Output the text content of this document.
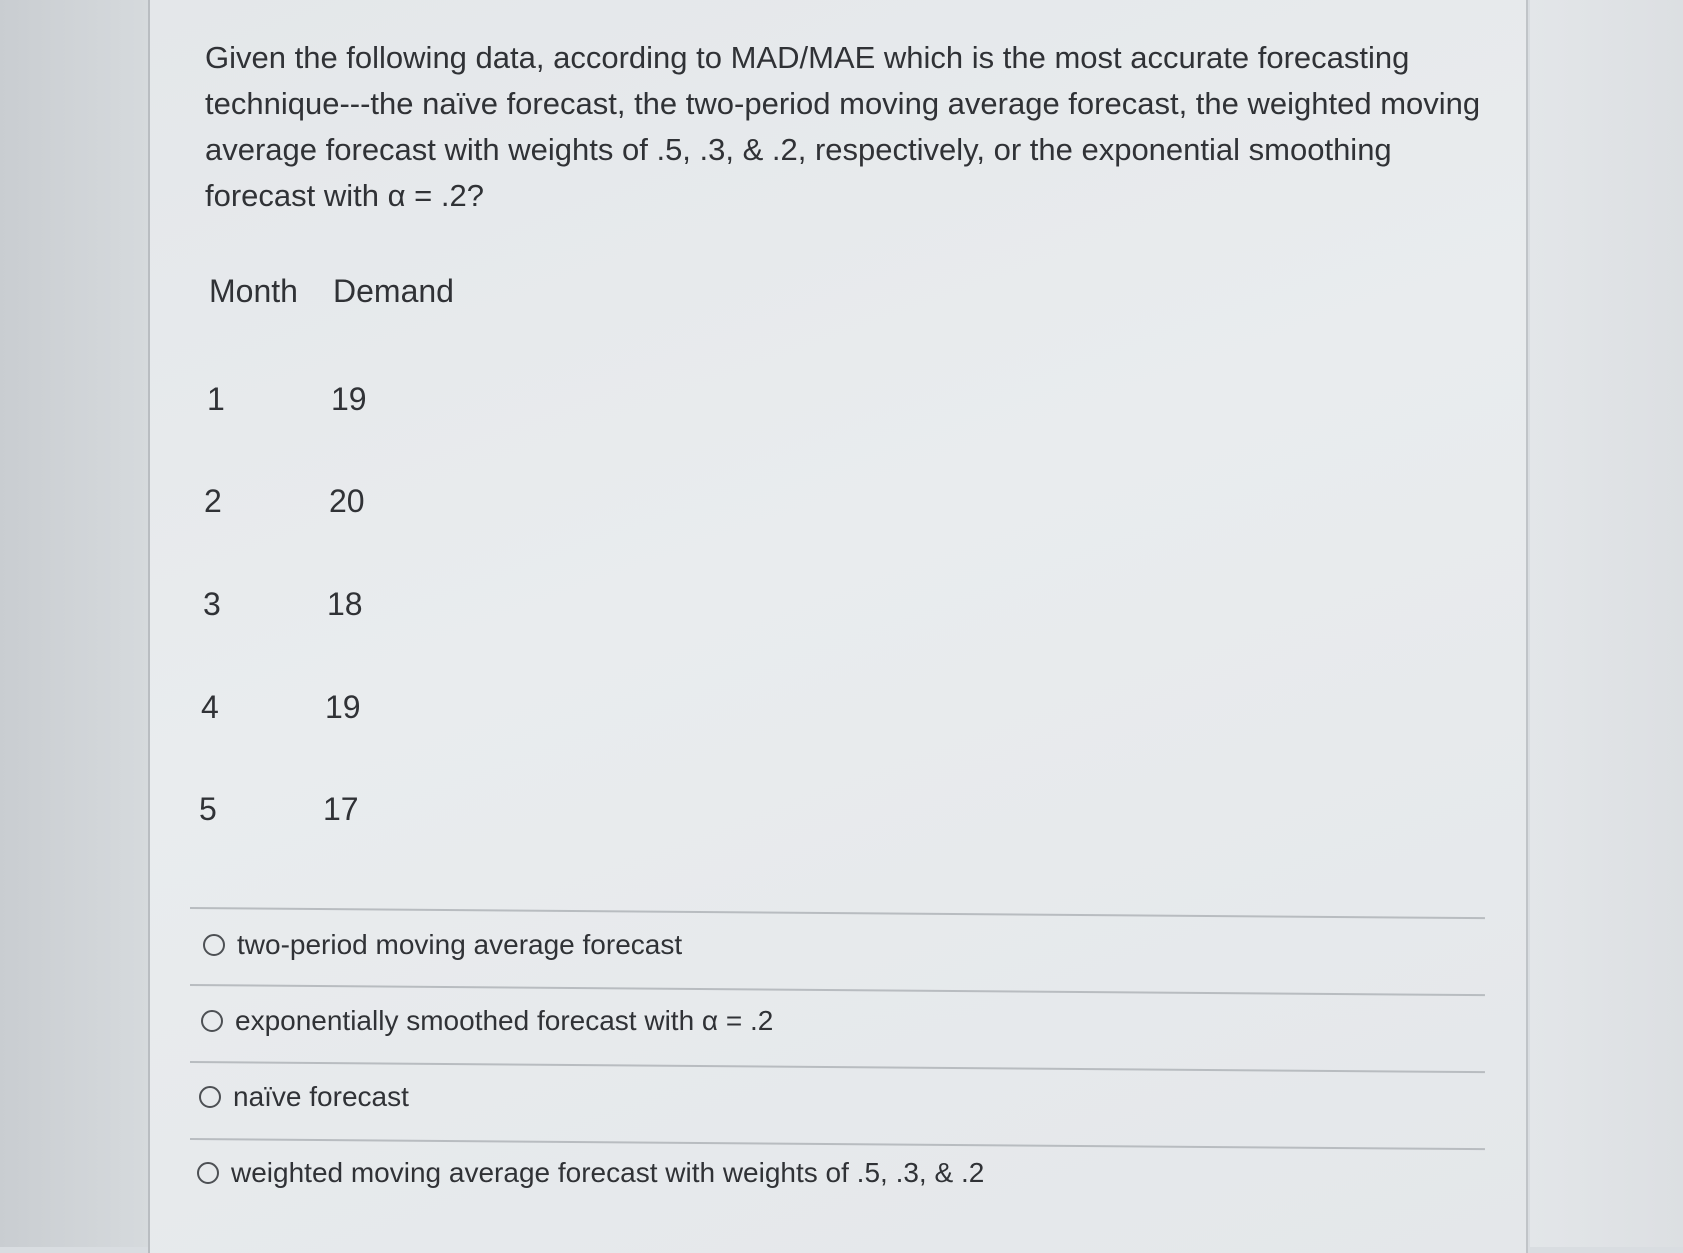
Given the following data, according to MAD/MAE which is the most accurate forecasting technique---the naïve forecast, the two-period moving average forecast, the weighted moving average forecast with weights of .5, .3, & .2, respectively, or the exponential smoothing forecast with α = .2?
Month Demand
1	19
2	20
3	18
4	19
5	17
two-period moving average forecast
exponentially smoothed forecast with α = .2
naïve forecast
weighted moving average forecast with weights of .5, .3, & .2
